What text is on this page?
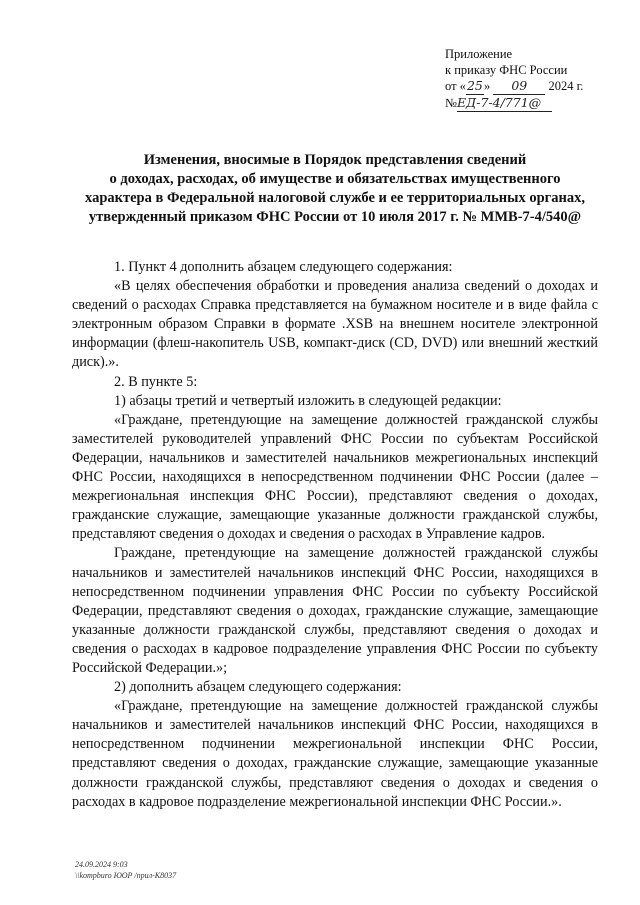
Приложение
к приказу ФНС России
от «25» 09 2024 г.
№ЕД-7-4/771@
Изменения, вносимые в Порядок представления сведений
о доходах, расходах, об имуществе и обязательствах имущественного
характера в Федеральной налоговой службе и ее территориальных органах,
утвержденный приказом ФНС России от 10 июля 2017 г. № ММВ-7-4/540@

1. Пункт 4 дополнить абзацем следующего содержания:

«В целях обеспечения обработки и проведения анализа сведений о доходах и сведений о расходах Справка представляется на бумажном носителе и в виде файла с электронным образом Справки в формате .XSB на внешнем носителе электронной информации (флеш-накопитель USB, компакт-диск (CD, DVD) или внешний жесткий диск).».

2. В пункте 5:

1) абзацы третий и четвертый изложить в следующей редакции:

«Граждане, претендующие на замещение должностей гражданской службы заместителей руководителей управлений ФНС России по субъектам Российской Федерации, начальников и заместителей начальников межрегиональных инспекций ФНС России, находящихся в непосредственном подчинении ФНС России (далее – межрегиональная инспекция ФНС России), представляют сведения о доходах, гражданские служащие, замещающие указанные должности гражданской службы, представляют сведения о доходах и сведения о расходах в Управление кадров.

Граждане, претендующие на замещение должностей гражданской службы начальников и заместителей начальников инспекций ФНС России, находящихся в непосредственном подчинении управления ФНС России по субъекту Российской Федерации, представляют сведения о доходах, гражданские служащие, замещающие указанные должности гражданской службы, представляют сведения о доходах и сведения о расходах в кадровое подразделение управления ФНС России по субъекту Российской Федерации.»;

2) дополнить абзацем следующего содержания:

«Граждане, претендующие на замещение должностей гражданской службы начальников и заместителей начальников инспекций ФНС России, находящихся в непосредственном подчинении межрегиональной инспекции ФНС России, представляют сведения о доходах, гражданские служащие, замещающие указанные должности гражданской службы, представляют сведения о доходах и сведения о расходах в кадровое подразделение межрегиональной инспекции ФНС России.».

24.09.2024 9:03
\\kompburo ЮОР /прил-К8037
